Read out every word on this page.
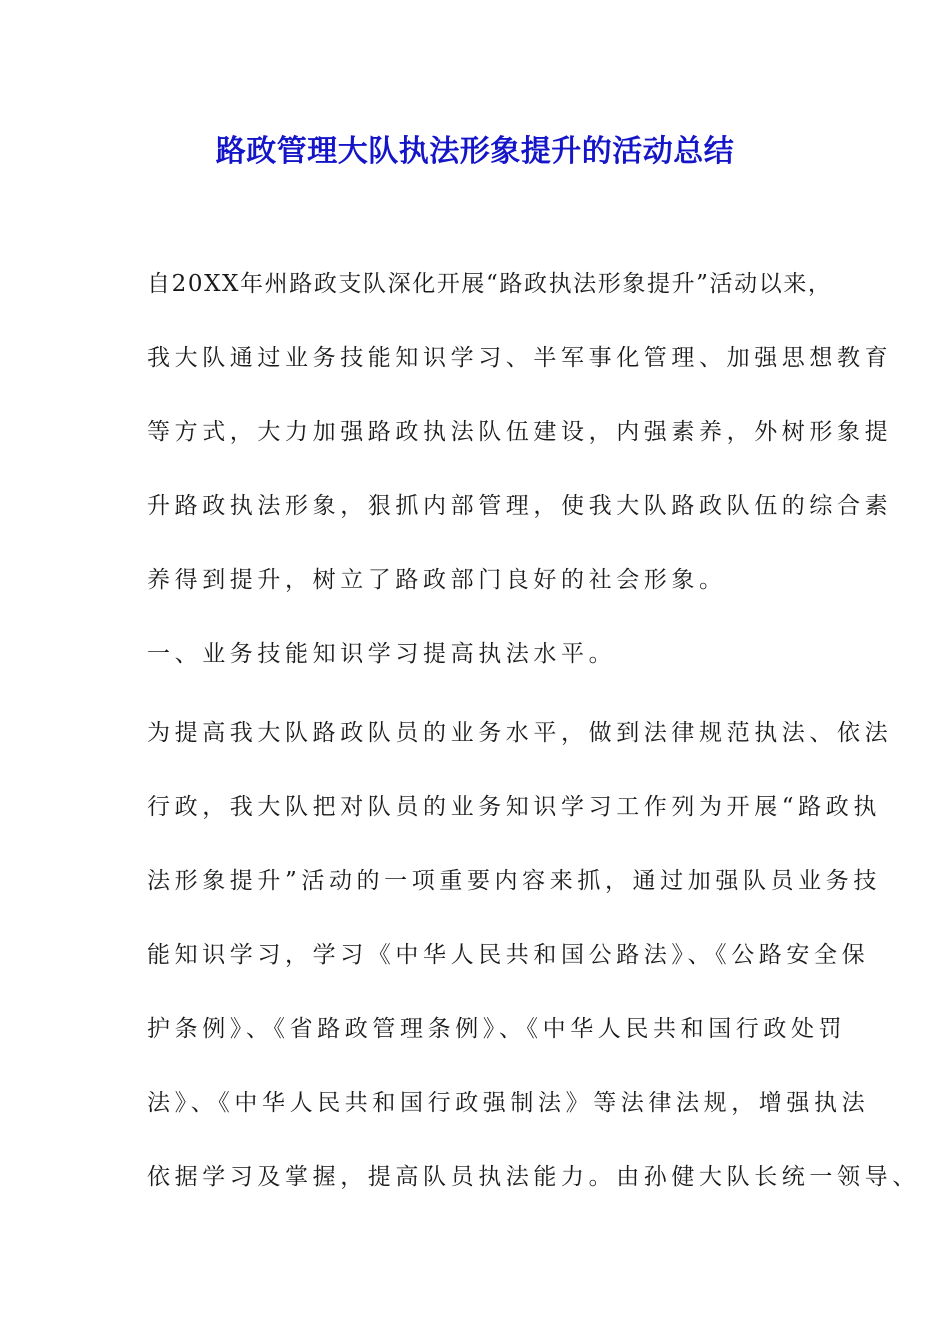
路政管理大队执法形象提升的活动总结
自20XX年州路政支队深化开展“路政执法形象提升”活动以来，
我大队通过业务技能知识学习、半军事化管理、加强思想教育
等方式，大力加强路政执法队伍建设，内强素养，外树形象提
升路政执法形象，狠抓内部管理，使我大队路政队伍的综合素
养得到提升，树立了路政部门良好的社会形象。
一、业务技能知识学习提高执法水平。
为提高我大队路政队员的业务水平，做到法律规范执法、依法
行政，我大队把对队员的业务知识学习工作列为开展“路政执
法形象提升”活动的一项重要内容来抓，通过加强队员业务技
能知识学习，学习《中华人民共和国公路法》、《公路安全保
护条例》、《省路政管理条例》、《中华人民共和国行政处罚
法》、《中华人民共和国行政强制法》等法律法规，增强执法
依据学习及掌握，提高队员执法能力。由孙健大队长统一领导、
